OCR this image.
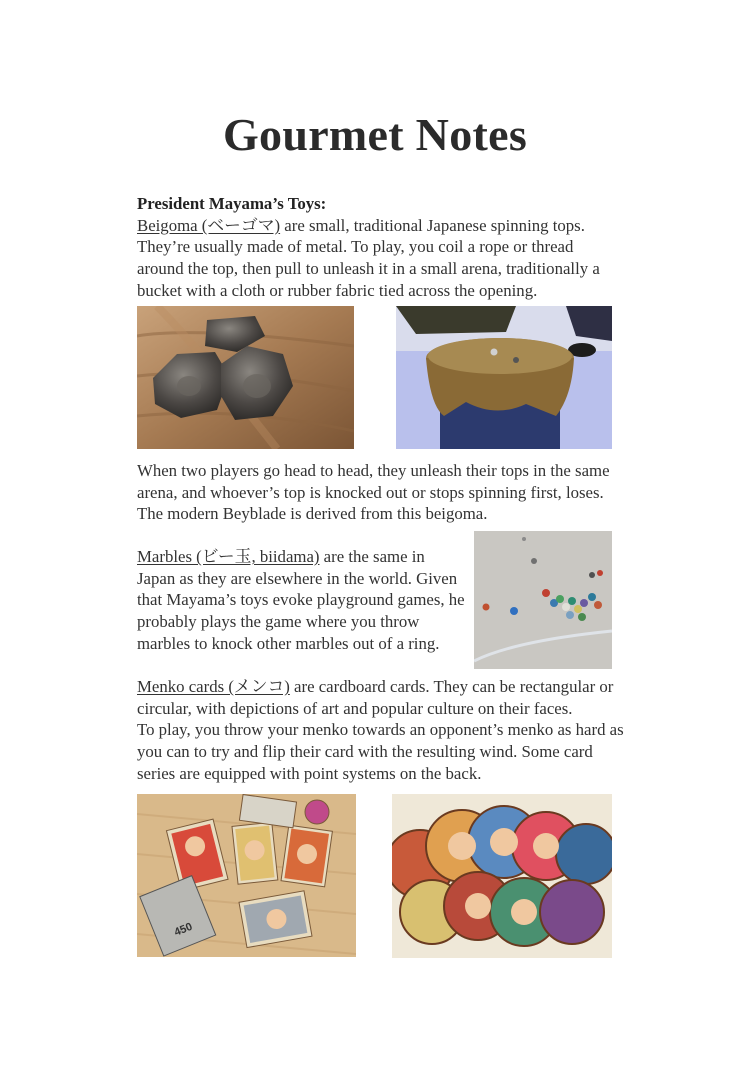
Gourmet Notes
President Mayama’s Toys:
Beigoma (ベーゴマ) are small, traditional Japanese spinning tops. They’re usually made of metal. To play, you coil a rope or thread around the top, then pull to unleash it in a small arena, traditionally a bucket with a cloth or rubber fabric tied across the opening.
When two players go head to head, they unleash their tops in the same arena, and whoever’s top is knocked out or stops spinning first, loses. The modern Beyblade is derived from this beigoma.
Marbles (ビー玉, biidama) are the same in Japan as they are elsewhere in the world. Given that Mayama’s toys evoke playground games, he probably plays the game where you throw marbles to knock other marbles out of a ring.
Menko cards (メンコ) are cardboard cards. They can be rectangular or circular, with depictions of art and popular culture on their faces.
To play, you throw your menko towards an opponent’s menko as hard as you can to try and flip their card with the resulting wind. Some card series are equipped with point systems on the back.
450
